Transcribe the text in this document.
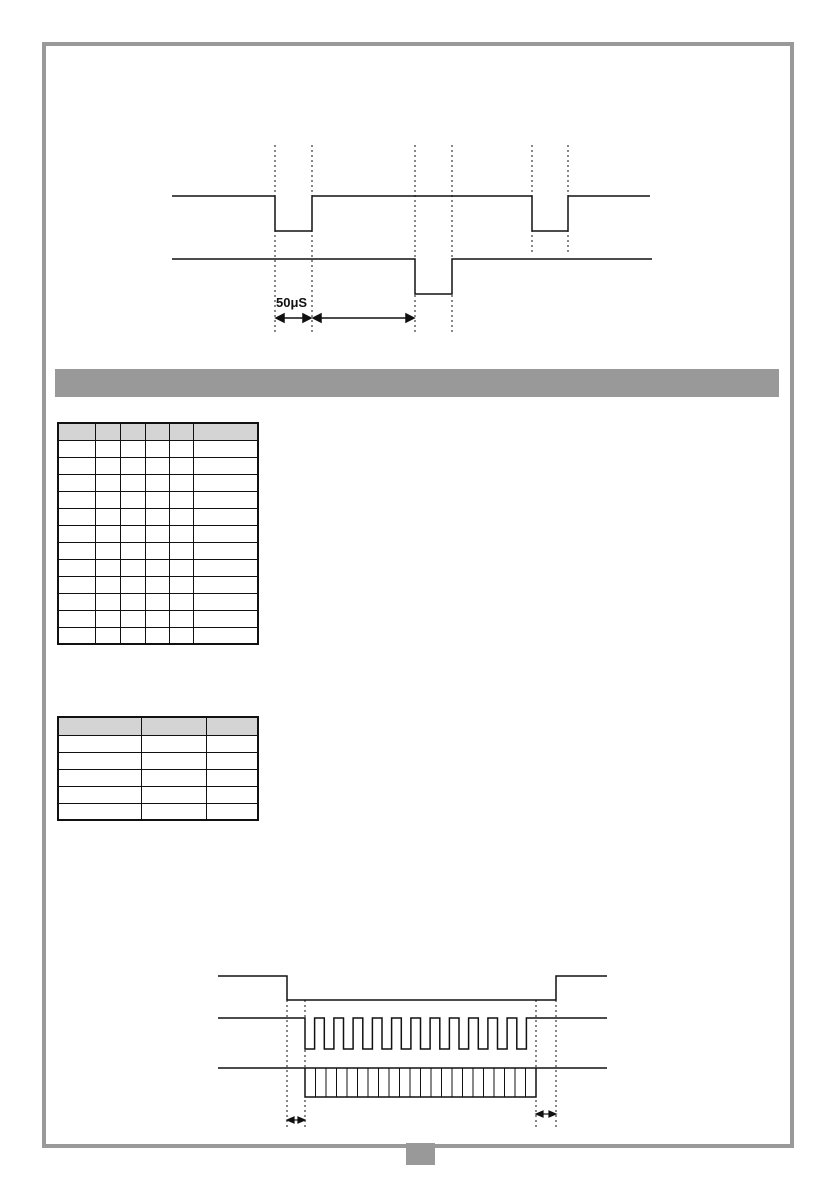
50μS
